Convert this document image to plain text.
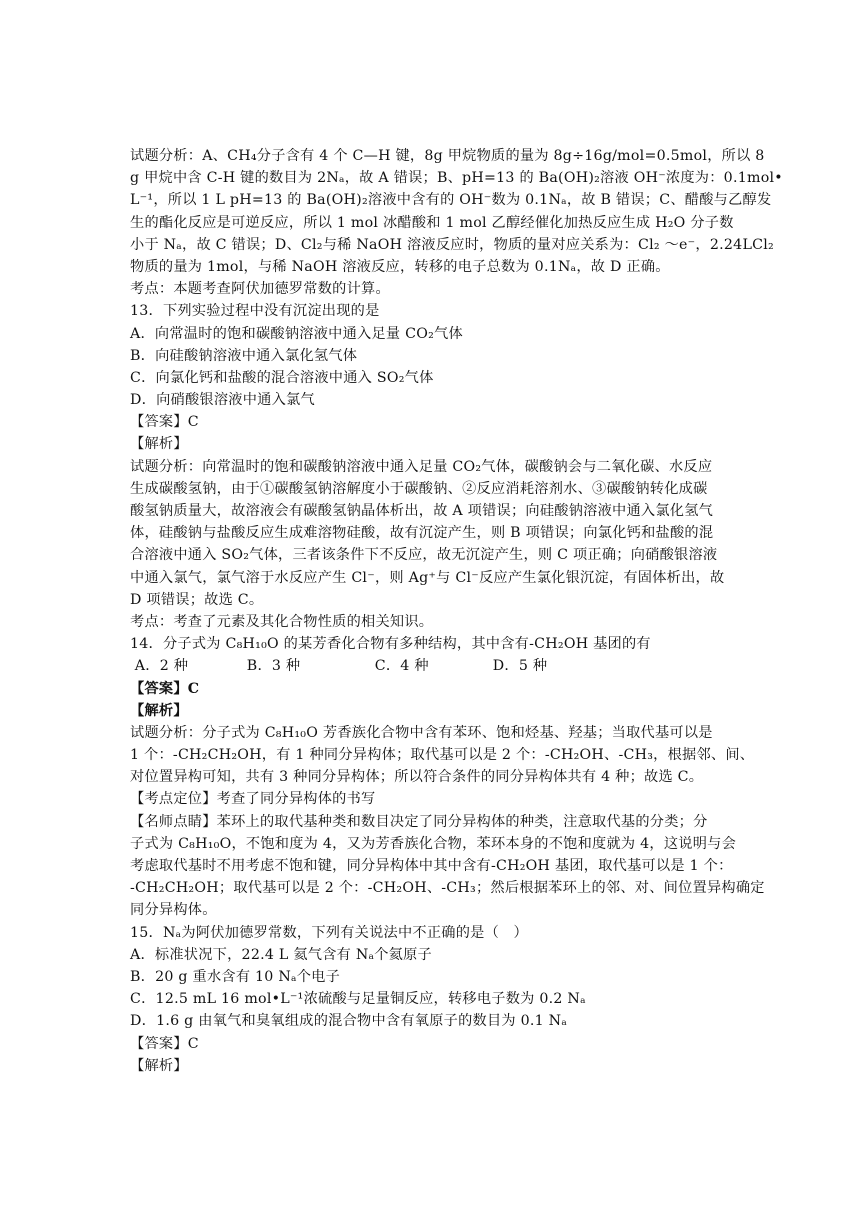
试题分析：A、CH₄分子含有 4 个 C—H 键，8g 甲烷物质的量为 8g÷16g/mol=0.5mol，所以 8
g 甲烷中含 C-H 键的数目为 2Nₐ，故 A 错误；B、pH=13 的 Ba(OH)₂溶液 OH⁻浓度为：0.1mol•
L⁻¹，所以 1 L pH=13 的 Ba(OH)₂溶液中含有的 OH⁻数为 0.1Nₐ，故 B 错误；C、醋酸与乙醇发
生的酯化反应是可逆反应，所以 1 mol 冰醋酸和 1 mol 乙醇经催化加热反应生成 H₂O 分子数
小于 Nₐ，故 C 错误；D、Cl₂与稀 NaOH 溶液反应时，物质的量对应关系为：Cl₂ ～e⁻，2.24LCl₂
物质的量为 1mol，与稀 NaOH 溶液反应，转移的电子总数为 0.1Nₐ，故 D 正确。
考点：本题考查阿伏加德罗常数的计算。
13．下列实验过程中没有沉淀出现的是
A．向常温时的饱和碳酸钠溶液中通入足量 CO₂气体
B．向硅酸钠溶液中通入氯化氢气体
C．向氯化钙和盐酸的混合溶液中通入 SO₂气体
D．向硝酸银溶液中通入氯气
【答案】C
【解析】
试题分析：向常温时的饱和碳酸钠溶液中通入足量 CO₂气体，碳酸钠会与二氧化碳、水反应
生成碳酸氢钠，由于①碳酸氢钠溶解度小于碳酸钠、②反应消耗溶剂水、③碳酸钠转化成碳
酸氢钠质量大，故溶液会有碳酸氢钠晶体析出，故 A 项错误；向硅酸钠溶液中通入氯化氢气
体，硅酸钠与盐酸反应生成难溶物硅酸，故有沉淀产生，则 B 项错误；向氯化钙和盐酸的混
合溶液中通入 SO₂气体，三者该条件下不反应，故无沉淀产生，则 C 项正确；向硝酸银溶液
中通入氯气，氯气溶于水反应产生 Cl⁻，则 Ag⁺与 Cl⁻反应产生氯化银沉淀，有固体析出，故
D 项错误；故选 C。
考点：考查了元素及其化合物性质的相关知识。
14．分子式为 C₈H₁₀O 的某芳香化合物有多种结构，其中含有-CH₂OH 基团的有

A．2 种	B．3 种	C．4 种	D．5 种
【答案】C
【解析】
试题分析：分子式为 C₈H₁₀O 芳香族化合物中含有苯环、饱和烃基、羟基；当取代基可以是
1 个：-CH₂CH₂OH，有 1 种同分异构体；取代基可以是 2 个：-CH₂OH、-CH₃，根据邻、间、
对位置异构可知，共有 3 种同分异构体；所以符合条件的同分异构体共有 4 种；故选 C。
【考点定位】考查了同分异构体的书写
【名师点睛】苯环上的取代基种类和数目决定了同分异构体的种类，注意取代基的分类；分
子式为 C₈H₁₀O，不饱和度为 4，又为芳香族化合物，苯环本身的不饱和度就为 4，这说明与会
考虑取代基时不用考虑不饱和键，同分异构体中其中含有-CH₂OH 基团，取代基可以是 1 个：
-CH₂CH₂OH；取代基可以是 2 个：-CH₂OH、-CH₃；然后根据苯环上的邻、对、间位置异构确定
同分异构体。
15．Nₐ为阿伏加德罗常数，下列有关说法中不正确的是（　）
A．标准状况下，22.4 L 氦气含有 Nₐ个氦原子
B．20 g 重水含有 10 Nₐ个电子
C．12.5 mL 16 mol•L⁻¹浓硫酸与足量铜反应，转移电子数为 0.2 Nₐ
D．1.6 g 由氧气和臭氧组成的混合物中含有氧原子的数目为 0.1 Nₐ
【答案】C
【解析】
